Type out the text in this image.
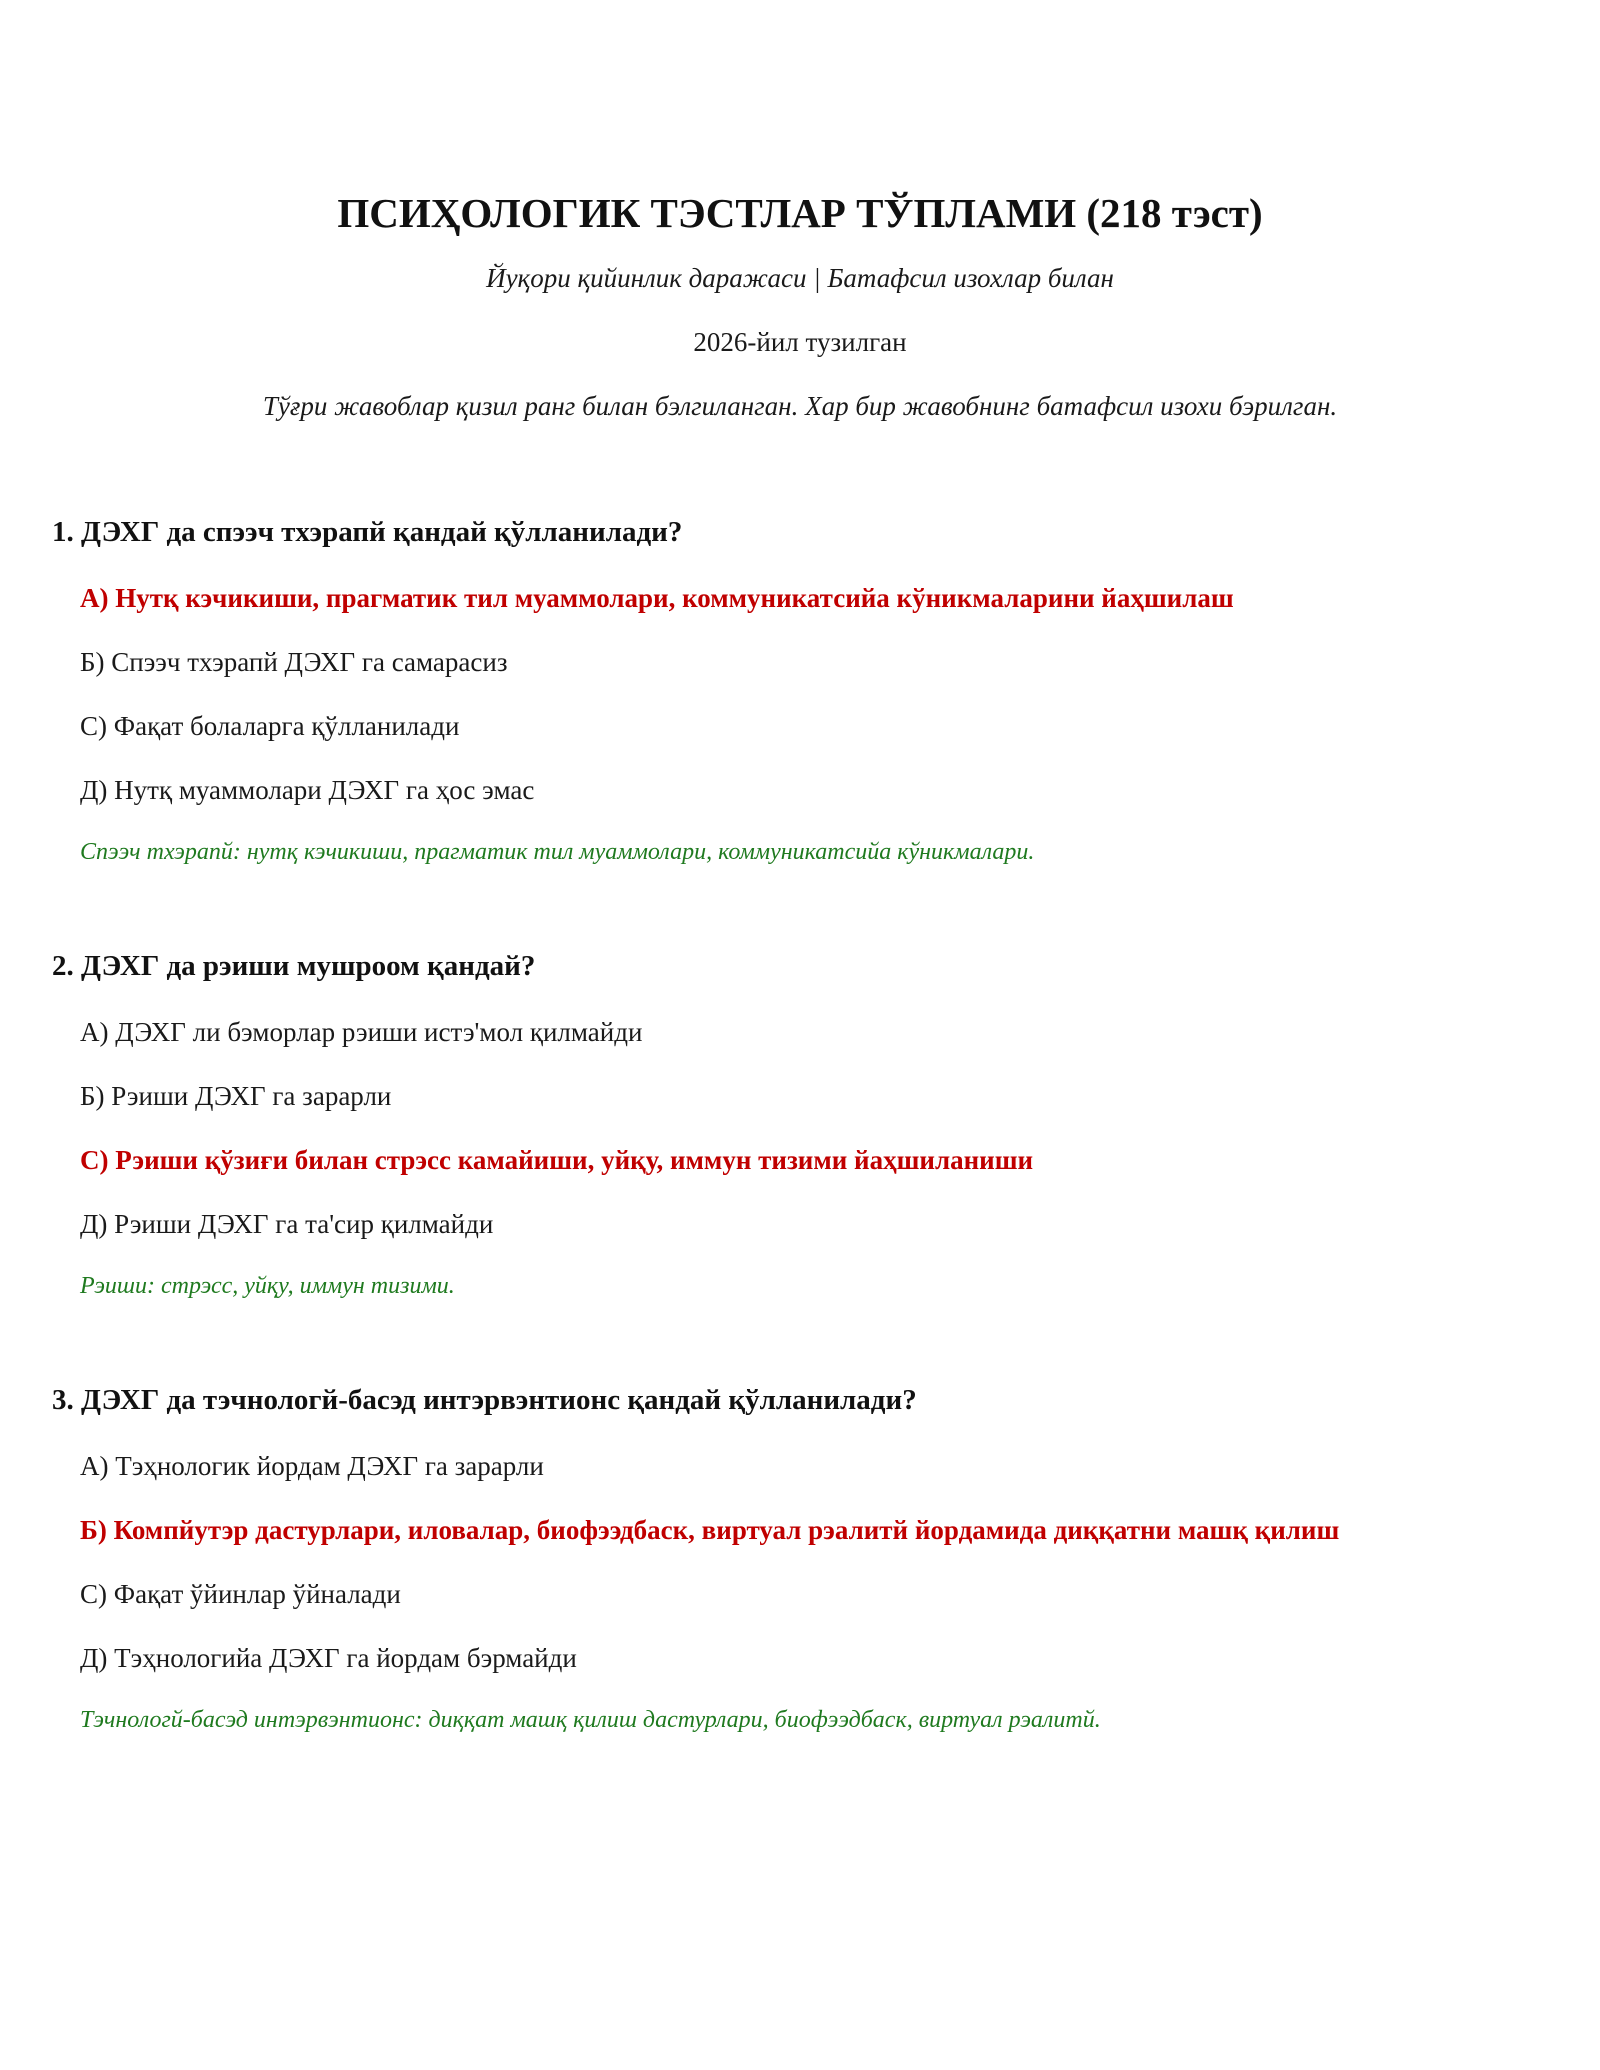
ПСИҲОЛОГИК ТЭСТЛАР ТЎПЛАМИ (218 тэст)

Йуқори қийинлик даражаси | Батафсил изохлар билан

2026-йил тузилган

Тўғри жавоблар қизил ранг билан бэлгиланган. Хар бир жавобнинг батафсил изохи бэрилган.

1. ДЭХГ да спээч тхэрапй қандай қўлланилади?

А) Нутқ кэчикиши, прагматик тил муаммолари, коммуникатсийа кўникмаларини йаҳшилаш

Б) Спээч тхэрапй ДЭХГ га самарасиз

С) Фақат болаларга қўлланилади

Д) Нутқ муаммолари ДЭХГ га ҳос эмас

Спээч тхэрапй: нутқ кэчикиши, прагматик тил муаммолари, коммуникатсийа кўникмалари.

2. ДЭХГ да рэиши мушроом қандай?

А) ДЭХГ ли бэморлар рэиши истэ'мол қилмайди

Б) Рэиши ДЭХГ га зарарли

С) Рэиши қўзиғи билан стрэсс камайиши, уйқу, иммун тизими йаҳшиланиши

Д) Рэиши ДЭХГ га та'сир қилмайди

Рэиши: стрэсс, уйқу, иммун тизими.

3. ДЭХГ да тэчнологй-басэд интэрвэнтионс қандай қўлланилади?

А) Тэҳнологик йордам ДЭХГ га зарарли

Б) Компйутэр дастурлари, иловалар, биофээдбаск, виртуал рэалитй йордамида диққатни машқ қилиш

С) Фақат ўйинлар ўйналади

Д) Тэҳнологийа ДЭХГ га йордам бэрмайди

Тэчнологй-басэд интэрвэнтионс: диққат машқ қилиш дастурлари, биофээдбаск, виртуал рэалитй.
